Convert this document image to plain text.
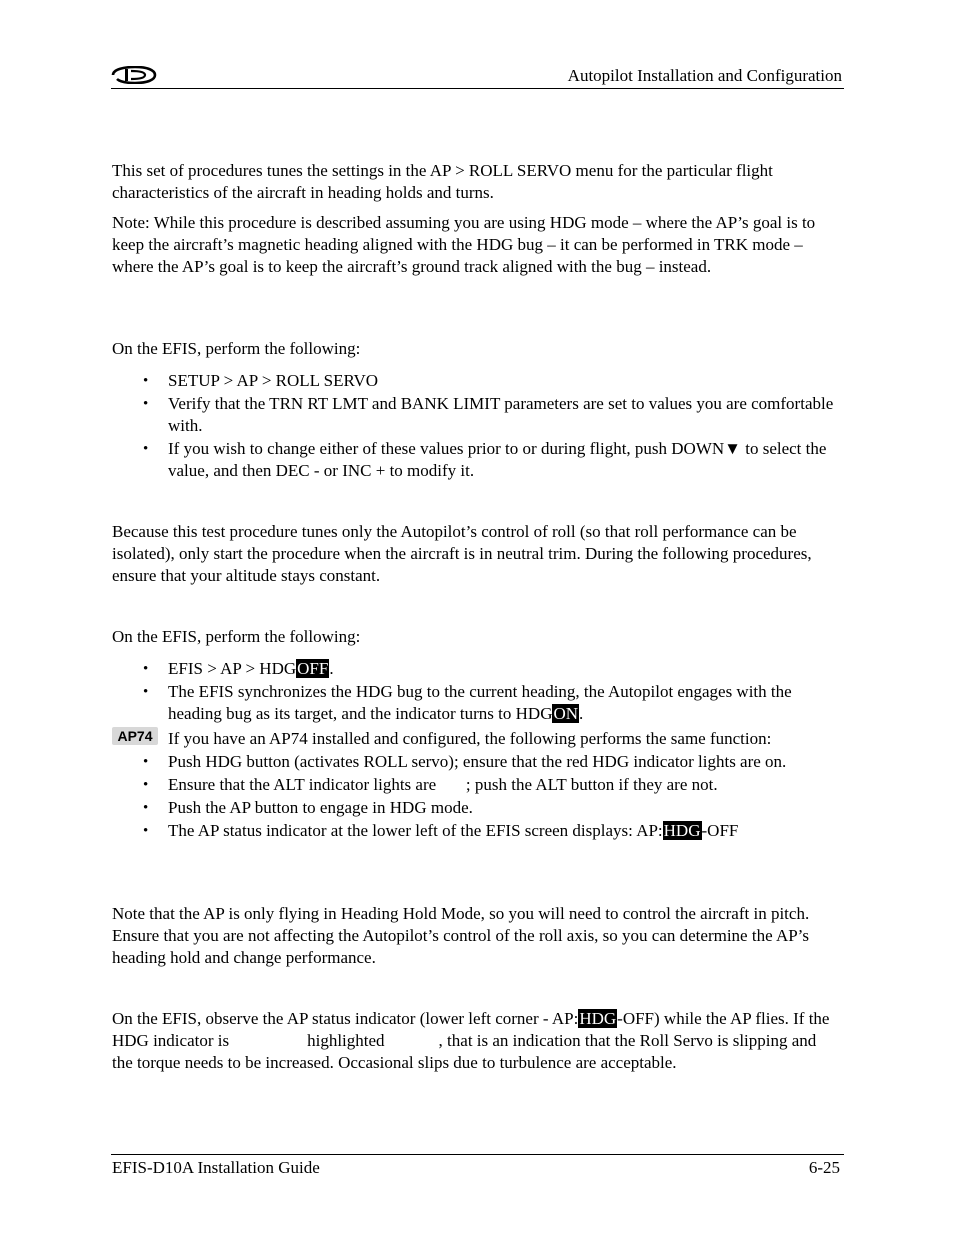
Autopilot Installation and Configuration

This set of procedures tunes the settings in the AP > ROLL SERVO menu for the particular flight characteristics of the aircraft in heading holds and turns.

Note: While this procedure is described assuming you are using HDG mode – where the AP’s goal is to keep the aircraft’s magnetic heading aligned with the HDG bug – it can be performed in TRK mode – where the AP’s goal is to keep the aircraft’s ground track aligned with the bug – instead.

On the EFIS, perform the following:

• SETUP > AP > ROLL SERVO
• Verify that the TRN RT LMT and BANK LIMIT parameters are set to values you are comfortable with.
• If you wish to change either of these values prior to or during flight, push DOWN▼ to select the value, and then DEC - or INC + to modify it.

Because this test procedure tunes only the Autopilot’s control of roll (so that roll performance can be isolated), only start the procedure when the aircraft is in neutral trim. During the following procedures, ensure that your altitude stays constant.

On the EFIS, perform the following:

• EFIS > AP > HDGOFF.
• The EFIS synchronizes the HDG bug to the current heading, the Autopilot engages with the heading bug as its target, and the indicator turns to HDGON.
AP74 If you have an AP74 installed and configured, the following performs the same function:
• Push HDG button (activates ROLL servo); ensure that the red HDG indicator lights are on.
• Ensure that the ALT indicator lights are       ; push the ALT button if they are not.
• Push the AP button to engage in HDG mode.
• The AP status indicator at the lower left of the EFIS screen displays: AP:HDG-OFF

Note that the AP is only flying in Heading Hold Mode, so you will need to control the aircraft in pitch. Ensure that you are not affecting the Autopilot’s control of the roll axis, so you can determine the AP’s heading hold and change performance.

On the EFIS, observe the AP status indicator (lower left corner - AP:HDG-OFF) while the AP flies. If the HDG indicator is	highlighted	, that is an indication that the Roll Servo is slipping and the torque needs to be increased. Occasional slips due to turbulence are acceptable.

EFIS-D10A Installation Guide	6-25
